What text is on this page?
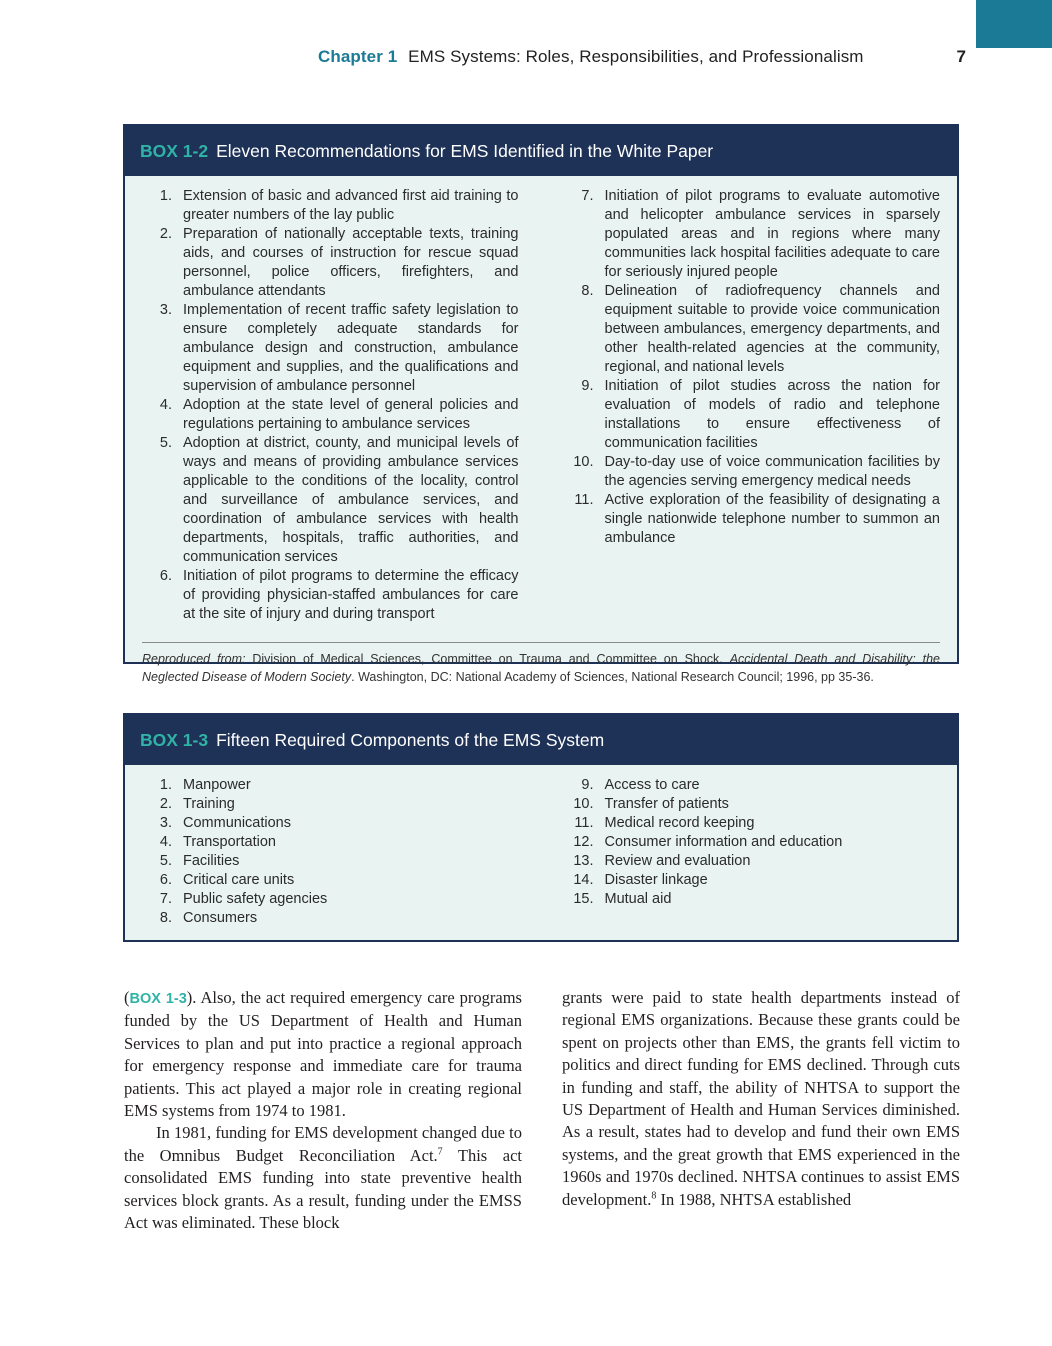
Chapter 1 EMS Systems: Roles, Responsibilities, and Professionalism	7
BOX 1-2 Eleven Recommendations for EMS Identified in the White Paper
1. Extension of basic and advanced first aid training to greater numbers of the lay public
2. Preparation of nationally acceptable texts, training aids, and courses of instruction for rescue squad personnel, police officers, firefighters, and ambulance attendants
3. Implementation of recent traffic safety legislation to ensure completely adequate standards for ambulance design and construction, ambulance equipment and supplies, and the qualifications and supervision of ambulance personnel
4. Adoption at the state level of general policies and regulations pertaining to ambulance services
5. Adoption at district, county, and municipal levels of ways and means of providing ambulance services applicable to the conditions of the locality, control and surveillance of ambulance services, and coordination of ambulance services with health departments, hospitals, traffic authorities, and communication services
6. Initiation of pilot programs to determine the efficacy of providing physician-staffed ambulances for care at the site of injury and during transport
7. Initiation of pilot programs to evaluate automotive and helicopter ambulance services in sparsely populated areas and in regions where many communities lack hospital facilities adequate to care for seriously injured people
8. Delineation of radiofrequency channels and equipment suitable to provide voice communication between ambulances, emergency departments, and other health-related agencies at the community, regional, and national levels
9. Initiation of pilot studies across the nation for evaluation of models of radio and telephone installations to ensure effectiveness of communication facilities
10. Day-to-day use of voice communication facilities by the agencies serving emergency medical needs
11. Active exploration of the feasibility of designating a single nationwide telephone number to summon an ambulance
Reproduced from: Division of Medical Sciences, Committee on Trauma and Committee on Shock. Accidental Death and Disability: the Neglected Disease of Modern Society. Washington, DC: National Academy of Sciences, National Research Council; 1996, pp 35-36.
BOX 1-3 Fifteen Required Components of the EMS System
1. Manpower
2. Training
3. Communications
4. Transportation
5. Facilities
6. Critical care units
7. Public safety agencies
8. Consumers
9. Access to care
10. Transfer of patients
11. Medical record keeping
12. Consumer information and education
13. Review and evaluation
14. Disaster linkage
15. Mutual aid

(BOX 1-3). Also, the act required emergency care programs funded by the US Department of Health and Human Services to plan and put into practice a regional approach for emergency response and immediate care for trauma patients. This act played a major role in creating regional EMS systems from 1974 to 1981.

In 1981, funding for EMS development changed due to the Omnibus Budget Reconciliation Act.$^7$ This act consolidated EMS funding into state preventive health services block grants. As a result, funding under the EMSS Act was eliminated. These block

grants were paid to state health departments instead of regional EMS organizations. Because these grants could be spent on projects other than EMS, the grants fell victim to politics and direct funding for EMS declined. Through cuts in funding and staff, the ability of NHTSA to support the US Department of Health and Human Services diminished. As a result, states had to develop and fund their own EMS systems, and the great growth that EMS experienced in the 1960s and 1970s declined. NHTSA continues to assist EMS development.$^8$ In 1988, NHTSA established
